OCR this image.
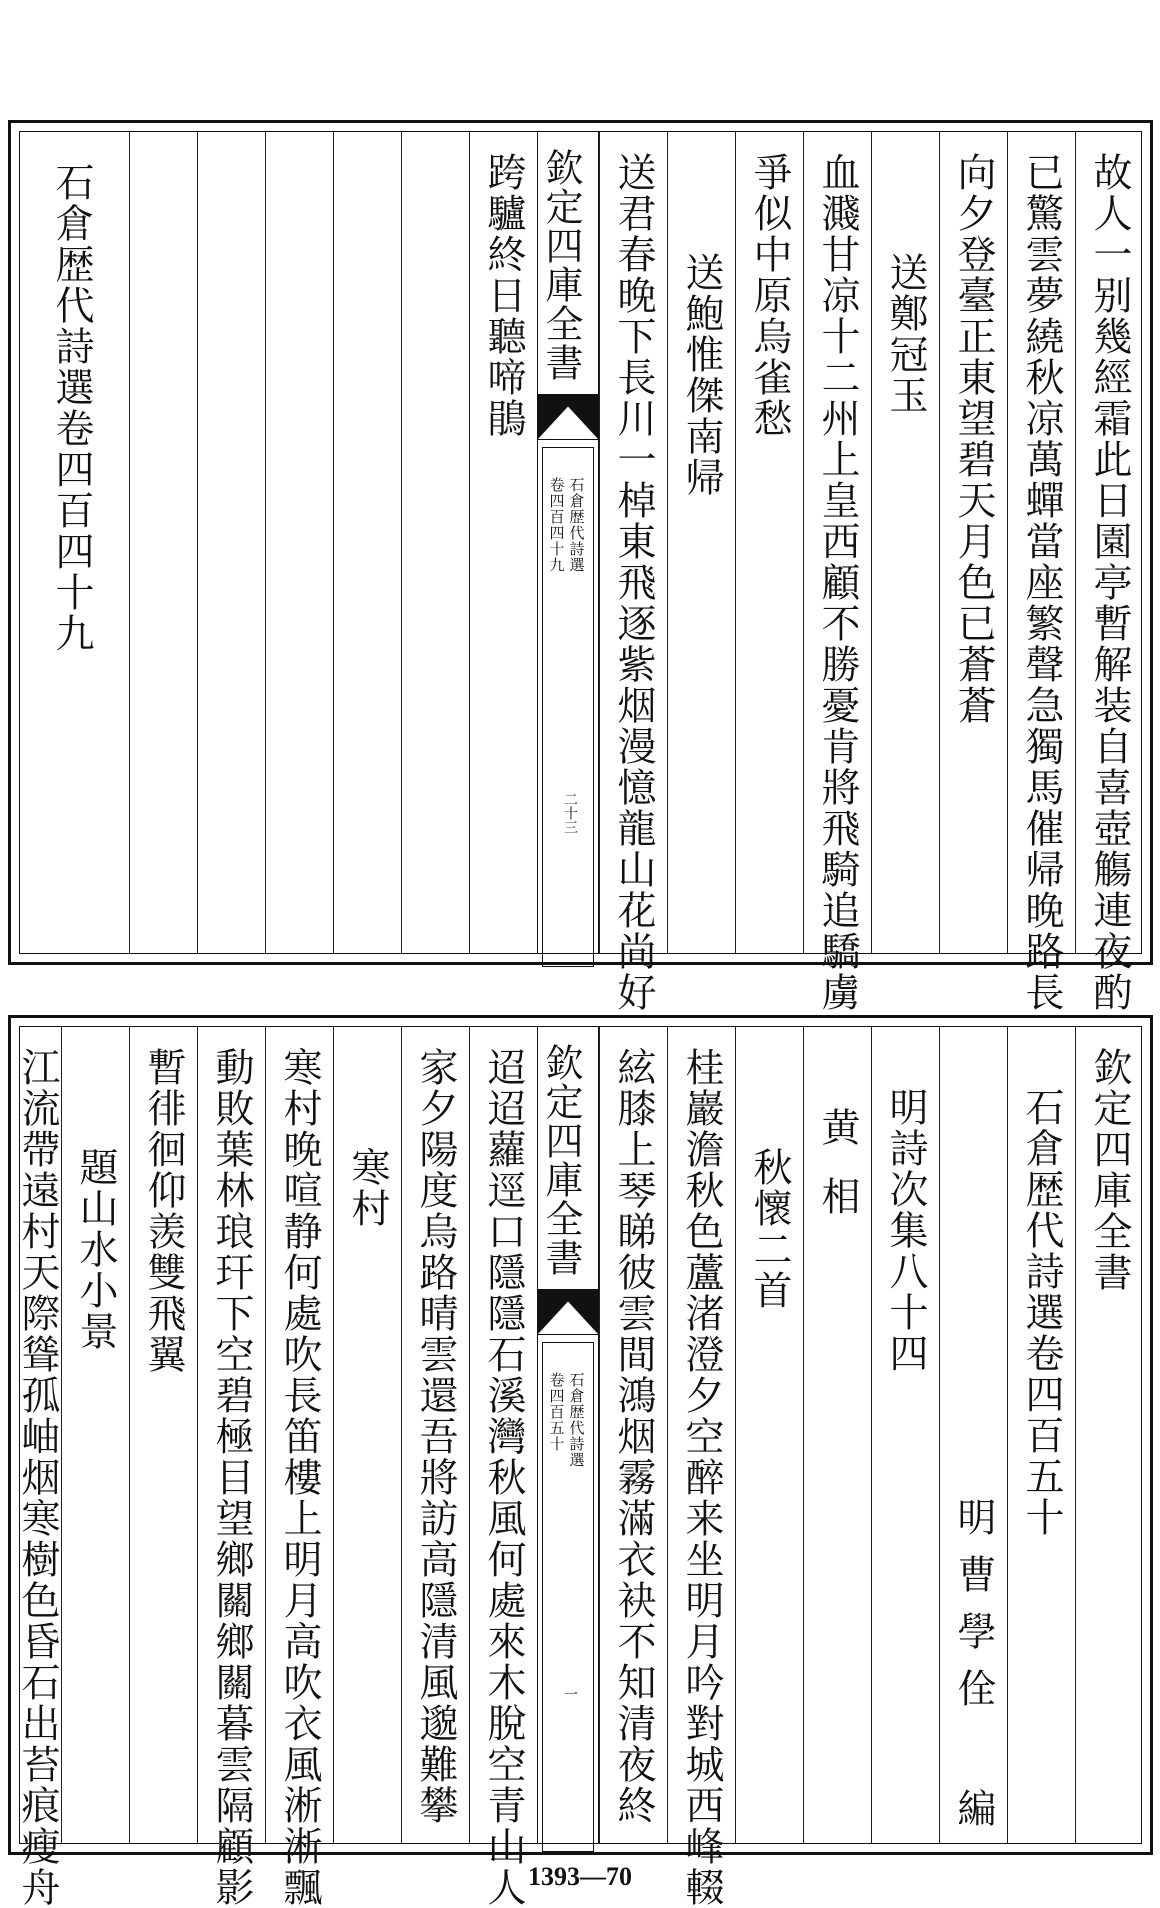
故人一别幾經霜此日園亭暫解装自喜壺觴連夜酌
已驚雲夢繞秋凉萬蟬當座繁聲急獨馬催帰晚路長
向夕登臺正東望碧天月色已蒼蒼
送鄭冠玉
血濺甘凉十二州上皇西顧不勝憂肯將飛騎追驕虜
爭似中原烏雀愁
送鮑惟傑南帰
送君春晚下長川一棹東飛逐紫烟漫憶龍山花尚好
欽定四庫全書
石倉歴代詩選
卷四百四十九
二十三
跨驢終日聽啼鵑
石倉歴代詩選卷四百四十九
欽定四庫全書
石倉歴代詩選卷四百五十
明曹學佺 編
明詩次集八十四
黄相
秋懷二首
桂巖澹秋色蘆渚澄夕空醉来坐明月吟對城西峰輟
絃膝上琴睇彼雲間鴻烟霧滿衣袂不知清夜終
欽定四庫全書
石倉歴代詩選
卷四百五十
一
迢迢蘿逕口隱隱石溪灣秋風何處來木脫空青山人
家夕陽度烏路晴雲還吾將訪高隱清風邈難攀
寒村
寒村晚喧静何處吹長笛樓上明月高吹衣風淅淅飄
動敗葉林琅玕下空碧極目望鄉關鄉關暮雲隔顧影
暫徘徊仰羡雙飛翼
題山水小景
江流帶遠村天際聳孤岫烟寒樹色昏石出苔痕瘦舟	1393—70
